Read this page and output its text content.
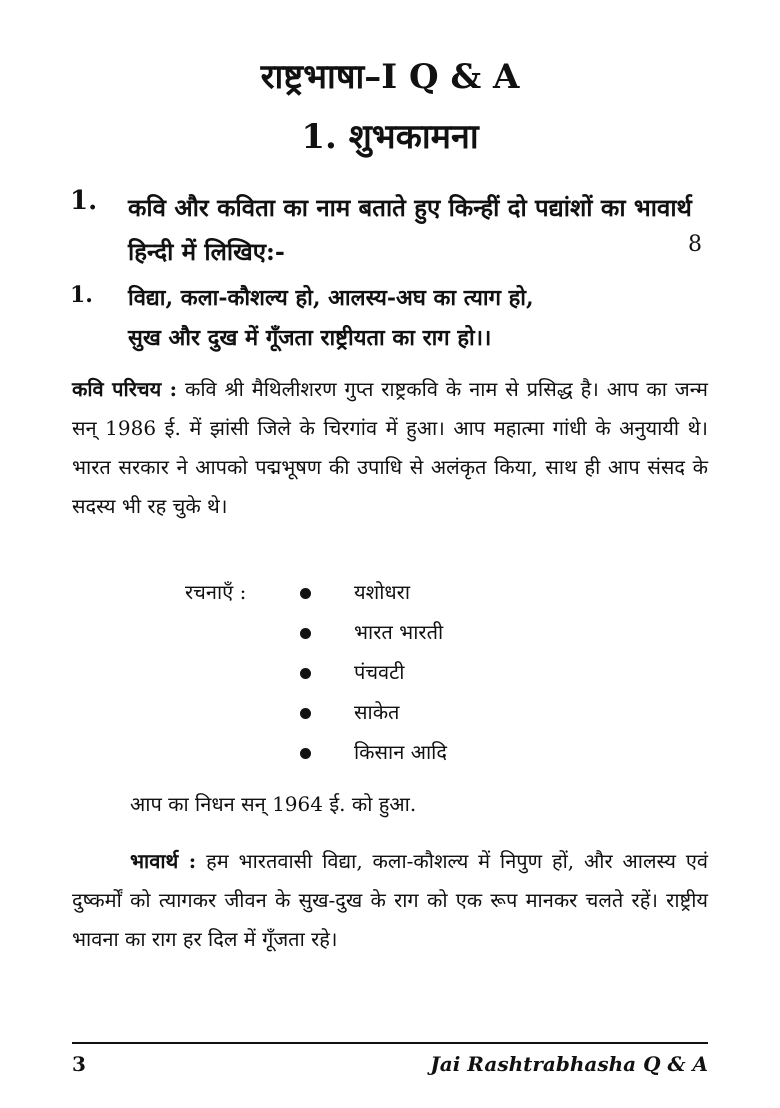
राष्ट्रभाषा–I Q & A
1. शुभकामना
1. कवि और कविता का नाम बताते हुए किन्हीं दो पद्यांशों का भावार्थ हिन्दी में लिखिए:-	8
1. विद्या, कला-कौशल्य हो, आलस्य-अघ का त्याग हो,
सुख और दुख में गूँजता राष्ट्रीयता का राग हो।।
कवि परिचय : कवि श्री मैथिलीशरण गुप्त राष्ट्रकवि के नाम से प्रसिद्ध है। आप का जन्म सन् 1986 ई. में झांसी जिले के चिरगांव में हुआ। आप महात्मा गांधी के अनुयायी थे। भारत सरकार ने आपको पद्मभूषण की उपाधि से अलंकृत किया, साथ ही आप संसद के सदस्य भी रह चुके थे।
रचनाएँ :	यशोधरा
भारत भारती
पंचवटी
साकेत
किसान आदि
आप का निधन सन् 1964 ई. को हुआ.
भावार्थ : हम भारतवासी विद्या, कला-कौशल्य में निपुण हों, और आलस्य एवं दुष्कर्मों को त्यागकर जीवन के सुख-दुख के राग को एक रूप मानकर चलते रहें। राष्ट्रीय भावना का राग हर दिल में गूँजता रहे।
3	Jai Rashtrabhasha Q & A
